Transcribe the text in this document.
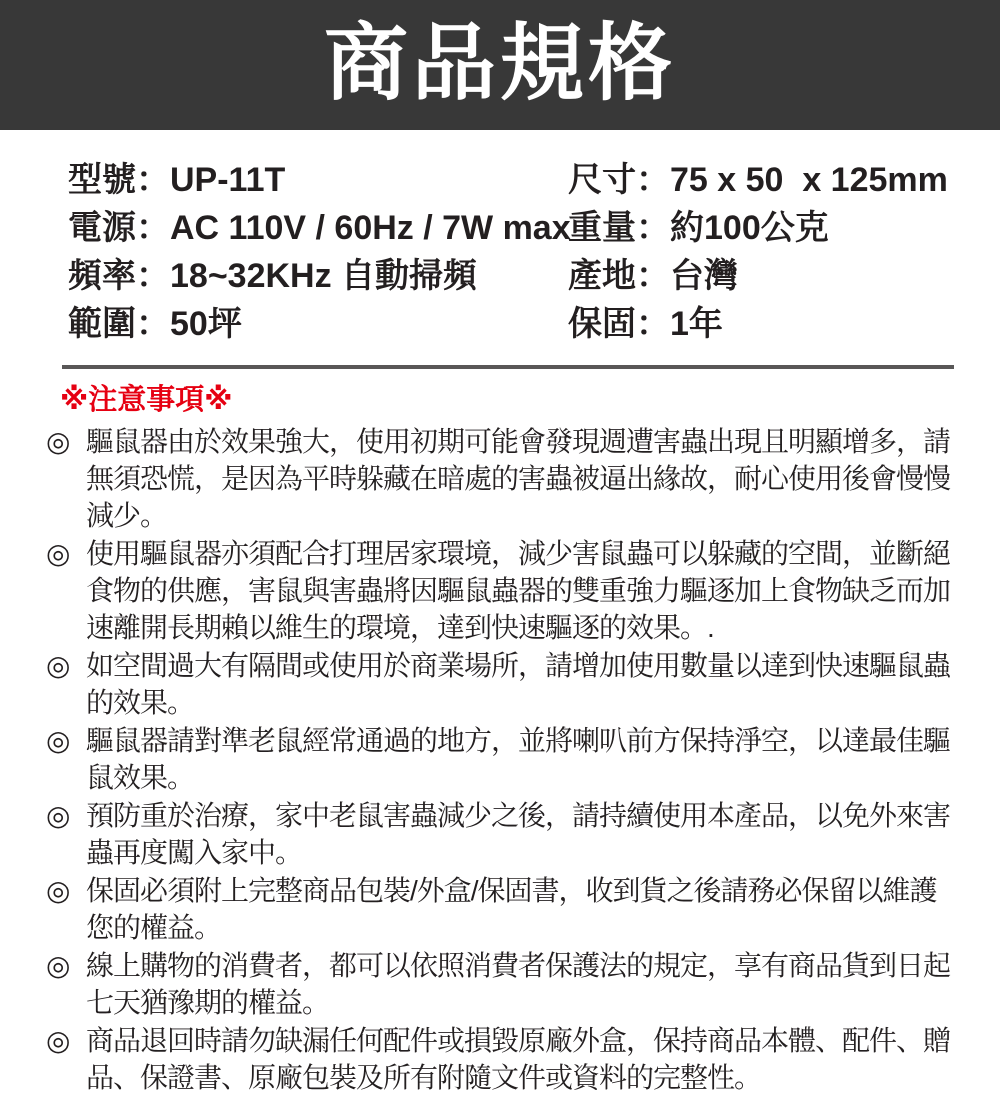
商品規格
型號：UP-11T
電源：AC 110V / 60Hz / 7W max
頻率：18~32KHz 自動掃頻
範圍：50坪
尺寸：75 x 50  x 125mm
重量：約100公克
產地：台灣
保固：1年
※注意事項※
◎ 驅鼠器由於效果強大，使用初期可能會發現週遭害蟲出現且明顯增多，請無須恐慌，是因為平時躲藏在暗處的害蟲被逼出緣故，耐心使用後會慢慢減少。
◎ 使用驅鼠器亦須配合打理居家環境，減少害鼠蟲可以躲藏的空間，並斷絕食物的供應，害鼠與害蟲將因驅鼠蟲器的雙重強力驅逐加上食物缺乏而加速離開長期賴以維生的環境，達到快速驅逐的效果。.
◎ 如空間過大有隔間或使用於商業場所，請增加使用數量以達到快速驅鼠蟲的效果。
◎ 驅鼠器請對準老鼠經常通過的地方，並將喇叭前方保持淨空，以達最佳驅鼠效果。
◎ 預防重於治療，家中老鼠害蟲減少之後，請持續使用本產品，以免外來害蟲再度闖入家中。
◎ 保固必須附上完整商品包裝/外盒/保固書，收到貨之後請務必保留以維護您的權益。
◎ 線上購物的消費者，都可以依照消費者保護法的規定，享有商品貨到日起七天猶豫期的權益。
◎ 商品退回時請勿缺漏任何配件或損毀原廠外盒，保持商品本體、配件、贈品、保證書、原廠包裝及所有附隨文件或資料的完整性。
